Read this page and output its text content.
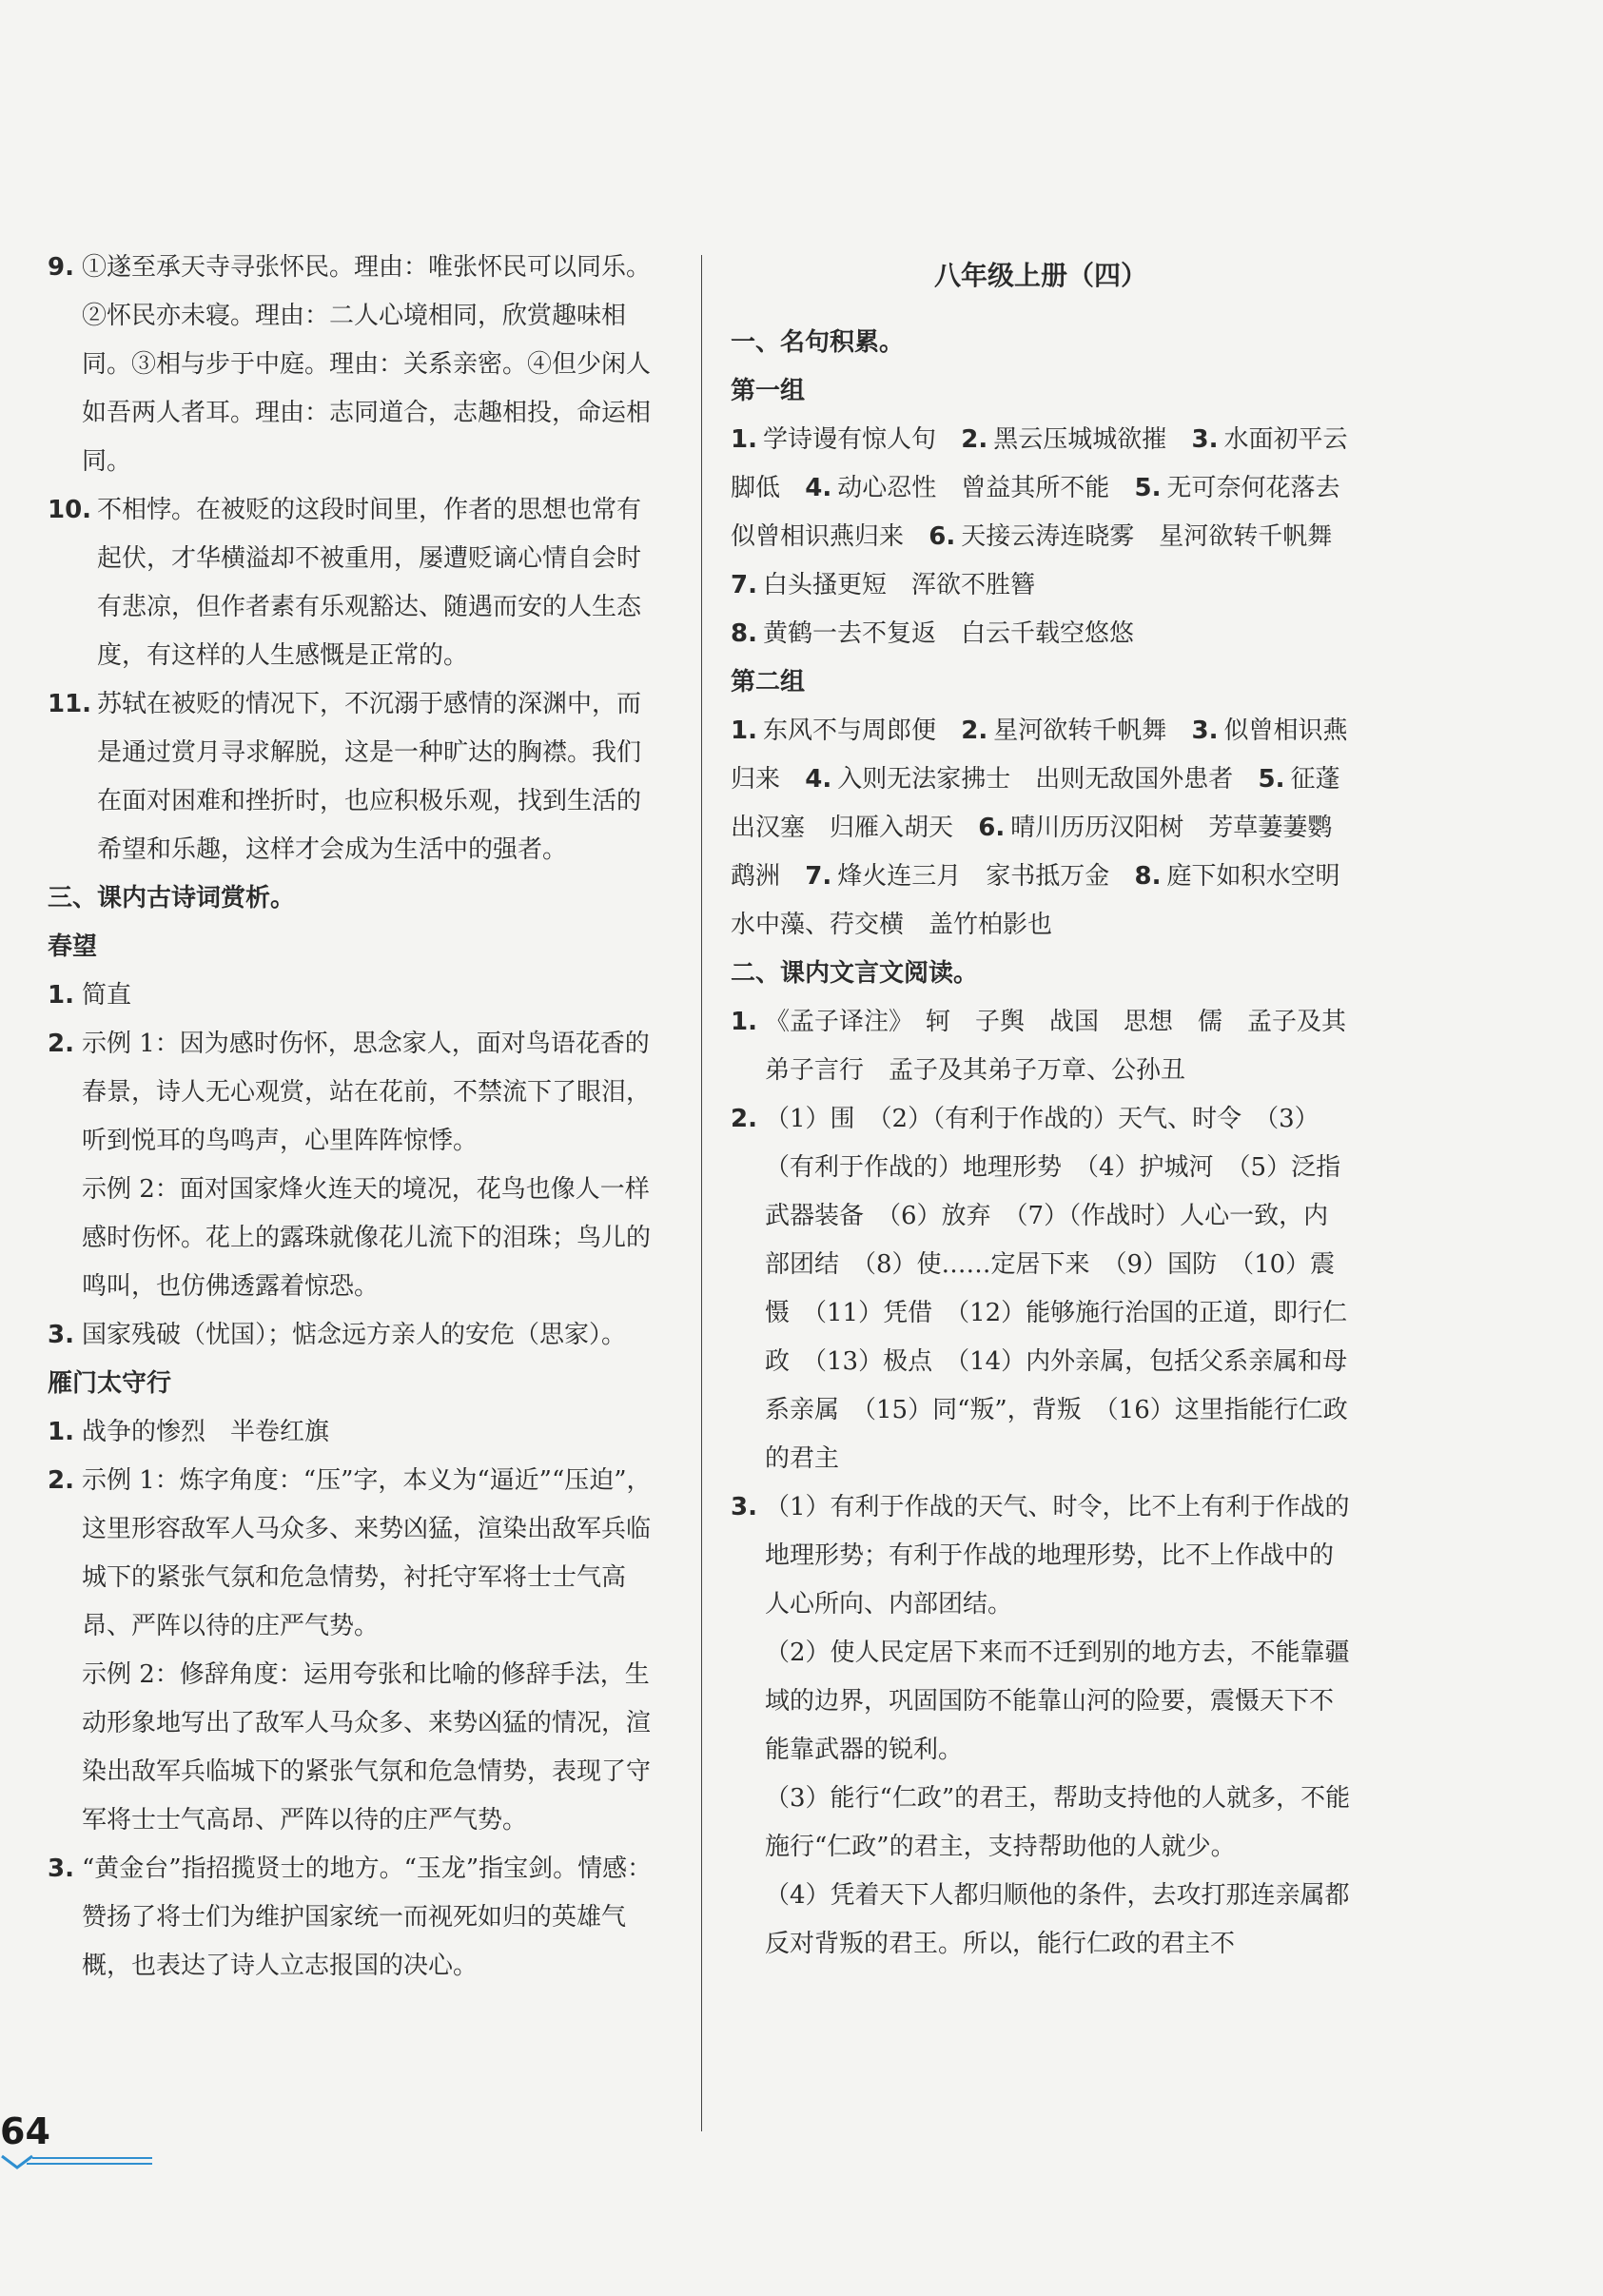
9. ①遂至承天寺寻张怀民。理由：唯张怀民可以同乐。②怀民亦未寝。理由：二人心境相同，欣赏趣味相同。③相与步于中庭。理由：关系亲密。④但少闲人如吾两人者耳。理由：志同道合，志趣相投，命运相同。
10. 不相悖。在被贬的这段时间里，作者的思想也常有起伏，才华横溢却不被重用，屡遭贬谪心情自会时有悲凉，但作者素有乐观豁达、随遇而安的人生态度，有这样的人生感慨是正常的。
11. 苏轼在被贬的情况下，不沉溺于感情的深渊中，而是通过赏月寻求解脱，这是一种旷达的胸襟。我们在面对困难和挫折时，也应积极乐观，找到生活的希望和乐趣，这样才会成为生活中的强者。
三、课内古诗词赏析。
春望
1. 简直
2. 示例 1：因为感时伤怀，思念家人，面对鸟语花香的春景，诗人无心观赏，站在花前，不禁流下了眼泪，听到悦耳的鸟鸣声，心里阵阵惊悸。
示例 2：面对国家烽火连天的境况，花鸟也像人一样感时伤怀。花上的露珠就像花儿流下的泪珠；鸟儿的鸣叫，也仿佛透露着惊恐。
3. 国家残破（忧国）；惦念远方亲人的安危（思家）。
雁门太守行
1. 战争的惨烈　半卷红旗
2. 示例 1：炼字角度：“压”字，本义为“逼近”“压迫”，这里形容敌军人马众多、来势凶猛，渲染出敌军兵临城下的紧张气氛和危急情势，衬托守军将士士气高昂、严阵以待的庄严气势。
示例 2：修辞角度：运用夸张和比喻的修辞手法，生动形象地写出了敌军人马众多、来势凶猛的情况，渲染出敌军兵临城下的紧张气氛和危急情势，表现了守军将士士气高昂、严阵以待的庄严气势。
3. “黄金台”指招揽贤士的地方。“玉龙”指宝剑。情感：赞扬了将士们为维护国家统一而视死如归的英雄气概，也表达了诗人立志报国的决心。
八年级上册（四）
一、名句积累。
第一组
1. 学诗谩有惊人句 2. 黑云压城城欲摧 3. 水面初平云脚低 4. 动心忍性　曾益其所不能 5. 无可奈何花落去　似曾相识燕归来 6. 天接云涛连晓雾　星河欲转千帆舞 7. 白头搔更短　浑欲不胜簪
8. 黄鹤一去不复返　白云千载空悠悠
第二组
1. 东风不与周郎便 2. 星河欲转千帆舞 3. 似曾相识燕归来 4. 入则无法家拂士　出则无敌国外患者 5. 征蓬出汉塞　归雁入胡天 6. 晴川历历汉阳树　芳草萋萋鹦鹉洲 7. 烽火连三月　家书抵万金 8. 庭下如积水空明　水中藻、荇交横　盖竹柏影也
二、课内文言文阅读。
1. 《孟子译注》　轲　子舆　战国　思想　儒　孟子及其弟子言行　孟子及其弟子万章、公孙丑
2. （1）围　（2）（有利于作战的）天气、时令　（3）（有利于作战的）地理形势　（4）护城河　（5）泛指武器装备　（6）放弃　（7）（作战时）人心一致，内部团结　（8）使……定居下来　（9）国防　（10）震慑　（11）凭借　（12）能够施行治国的正道，即行仁政　（13）极点　（14）内外亲属，包括父系亲属和母系亲属　（15）同“叛”，背叛　（16）这里指能行仁政的君主
3. （1）有利于作战的天气、时令，比不上有利于作战的地理形势；有利于作战的地理形势，比不上作战中的人心所向、内部团结。
（2）使人民定居下来而不迁到别的地方去，不能靠疆域的边界，巩固国防不能靠山河的险要，震慑天下不能靠武器的锐利。
（3）能行“仁政”的君王，帮助支持他的人就多，不能施行“仁政”的君主，支持帮助他的人就少。
（4）凭着天下人都归顺他的条件，去攻打那连亲属都反对背叛的君王。所以，能行仁政的君主不
64
